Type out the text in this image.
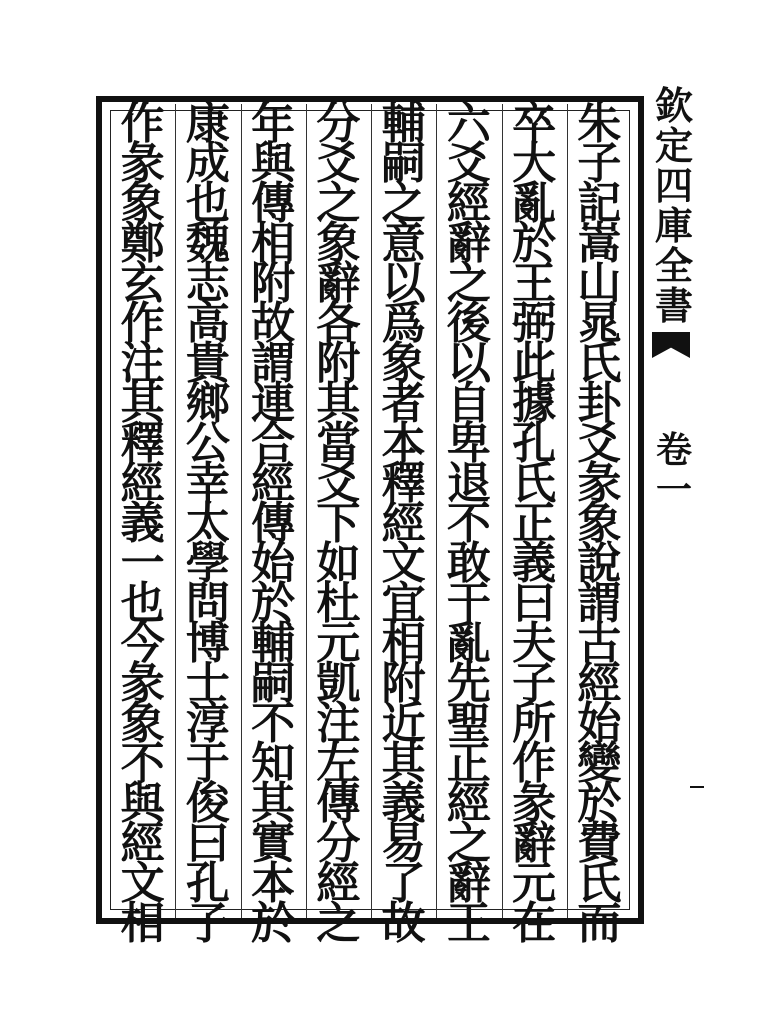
朱
子
記
嵩
山
晁
氏
卦
爻
彖
象
說
謂
古
經
始
變
於
費
氏
而
卒
大
亂
於
王
弼
此
據
孔
氏
正
義
曰
夫
子
所
作
彖
辭
元
在
六
爻
經
辭
之
後
以
自
卑
退
不
敢
干
亂
先
聖
正
經
之
辭
王
輔
嗣
之
意
以
爲
象
者
本
釋
經
文
宜
相
附
近
其
義
易
了
故
分
爻
之
象
辭
各
附
其
當
爻
下
如
杜
元
凱
注
左
傳
分
經
之
年
與
傳
相
附
故
謂
連
合
經
傳
始
於
輔
嗣
不
知
其
實
本
於
康
成
也
魏
志
高
貴
鄉
公
幸
太
學
問
博
士
淳
于
俊
曰
孔
子
作
彖
象
鄭
玄
作
注
其
釋
經
義
一
也
今
彖
象
不
與
經
文
相
欽
定
四
庫
全
書
卷
一
